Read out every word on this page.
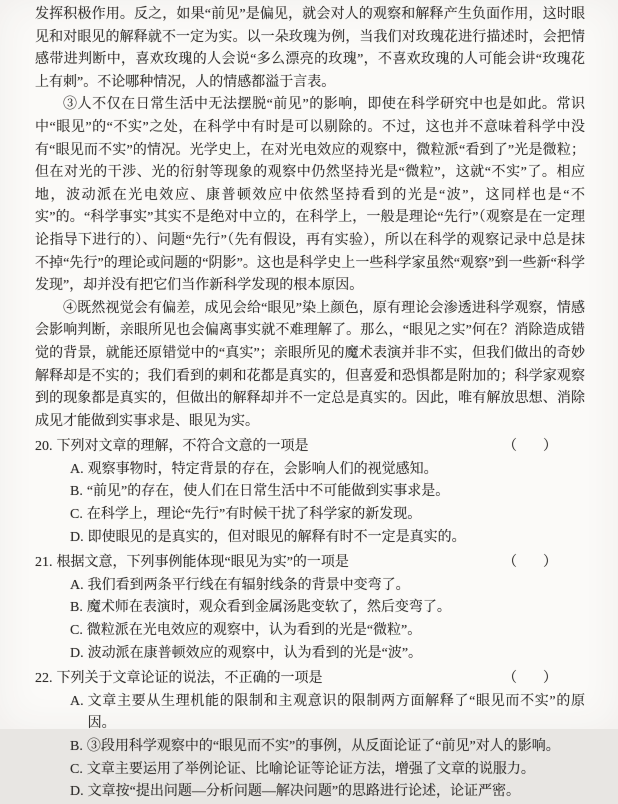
发挥积极作用。反之，如果“前见”是偏见，就会对人的观察和解释产生负面作用，这时眼见和对眼见的解释就不一定为实。以一朵玫瑰为例，当我们对玫瑰花进行描述时，会把情感带进判断中，喜欢玫瑰的人会说“多么漂亮的玫瑰”，不喜欢玫瑰的人可能会讲“玫瑰花上有刺”。不论哪种情况，人的情感都溢于言表。

③人不仅在日常生活中无法摆脱“前见”的影响，即使在科学研究中也是如此。常识中“眼见”的“不实”之处，在科学中有时是可以剔除的。不过，这也并不意味着科学中没有“眼见而不实”的情况。光学史上，在对光电效应的观察中，微粒派“看到了”光是微粒；但在对光的干涉、光的衍射等现象的观察中仍然坚持光是“微粒”，这就“不实”了。相应地，波动派在光电效应、康普顿效应中依然坚持看到的光是“波”，这同样也是“不实”的。“科学事实”其实不是绝对中立的，在科学上，一般是理论“先行”（观察是在一定理论指导下进行的）、问题“先行”（先有假设，再有实验），所以在科学的观察记录中总是抹不掉“先行”的理论或问题的“阴影”。这也是科学史上一些科学家虽然“观察”到一些新“科学发现”，却并没有把它们当作新科学发现的根本原因。

④既然视觉会有偏差，成见会给“眼见”染上颜色，原有理论会渗透进科学观察，情感会影响判断，亲眼所见也会偏离事实就不难理解了。那么，“眼见之实”何在？消除造成错觉的背景，就能还原错觉中的“真实”；亲眼所见的魔术表演并非不实，但我们做出的奇妙解释却是不实的；我们看到的刺和花都是真实的，但喜爱和恐惧都是附加的；科学家观察到的现象都是真实的，但做出的解释却并不一定总是真实的。因此，唯有解放思想、消除成见才能做到实事求是、眼见为实。

20. 下列对文章的理解，不符合文意的一项是	（　）
A. 观察事物时，特定背景的存在，会影响人们的视觉感知。
B. “前见”的存在，使人们在日常生活中不可能做到实事求是。
C. 在科学上，理论“先行”有时候干扰了科学家的新发现。
D. 即使眼见的是真实的，但对眼见的解释有时不一定是真实的。
21. 根据文意，下列事例能体现“眼见为实”的一项是	（　）
A. 我们看到两条平行线在有辐射线条的背景中变弯了。
B. 魔术师在表演时，观众看到金属汤匙变软了，然后变弯了。
C. 微粒派在光电效应的观察中，认为看到的光是“微粒”。
D. 波动派在康普顿效应的观察中，认为看到的光是“波”。
22. 下列关于文章论证的说法，不正确的一项是	（　）
A. 文章主要从生理机能的限制和主观意识的限制两方面解释了“眼见而不实”的原因。
B. ③段用科学观察中的“眼见而不实”的事例，从反面论证了“前见”对人的影响。
C. 文章主要运用了举例论证、比喻论证等论证方法，增强了文章的说服力。
D. 文章按“提出问题—分析问题—解决问题”的思路进行论述，论证严密。
